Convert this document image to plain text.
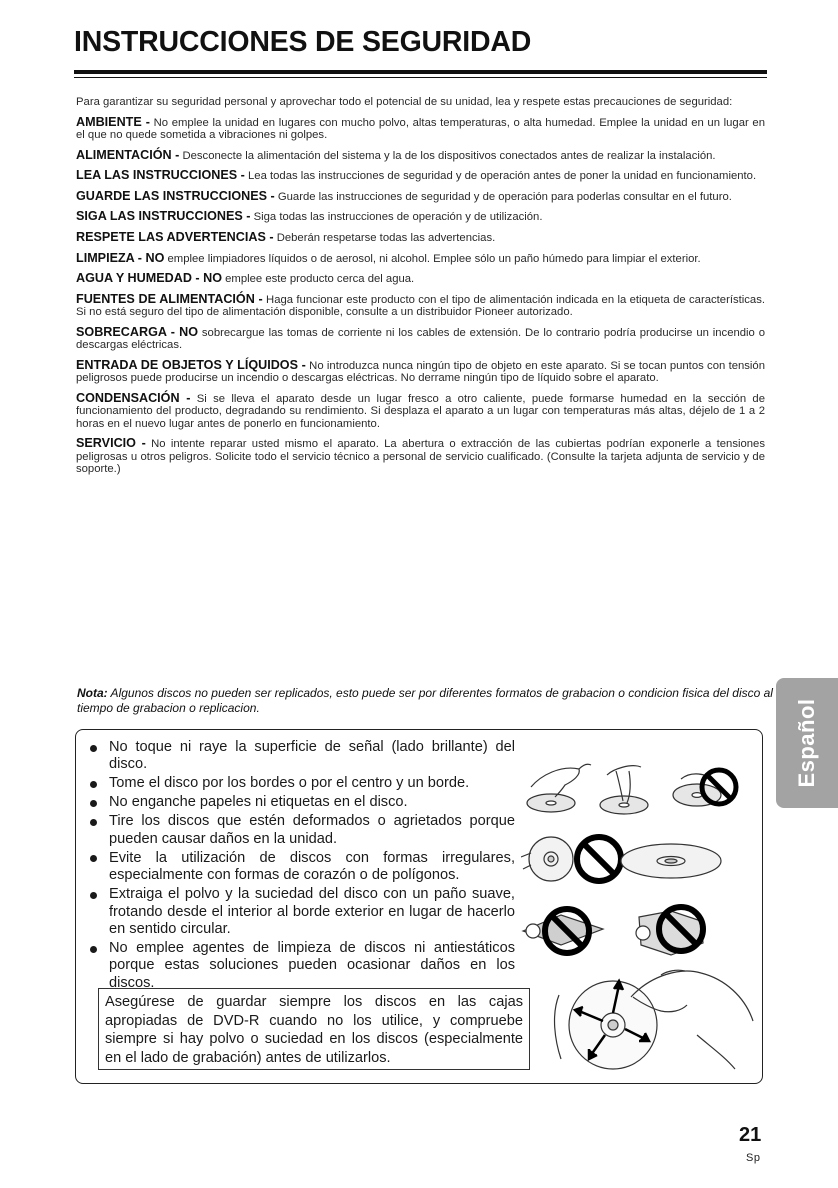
INSTRUCCIONES DE SEGURIDAD

Para garantizar su seguridad personal y aprovechar todo el potencial de su unidad, lea y respete estas precauciones de seguridad:

AMBIENTE - No emplee la unidad en lugares con mucho polvo, altas temperaturas, o alta humedad. Emplee la unidad en un lugar en el que no quede sometida a vibraciones ni golpes.

ALIMENTACIÓN - Desconecte la alimentación del sistema y la de los dispositivos conectados antes de realizar la instalación.

LEA LAS INSTRUCCIONES - Lea todas las instrucciones de seguridad y de operación antes de poner la unidad en funcionamiento.

GUARDE LAS INSTRUCCIONES - Guarde las instrucciones de seguridad y de operación para poderlas consultar en el futuro.

SIGA LAS INSTRUCCIONES - Siga todas las instrucciones de operación y de utilización.

RESPETE LAS ADVERTENCIAS - Deberán respetarse todas las advertencias.

LIMPIEZA - NO emplee limpiadores líquidos o de aerosol, ni alcohol. Emplee sólo un paño húmedo para limpiar el exterior.

AGUA Y HUMEDAD - NO emplee este producto cerca del agua.

FUENTES DE ALIMENTACIÓN - Haga funcionar este producto con el tipo de alimentación indicada en la etiqueta de características. Si no está seguro del tipo de alimentación disponible, consulte a un distribuidor Pioneer autorizado.

SOBRECARGA - NO sobrecargue las tomas de corriente ni los cables de extensión. De lo contrario podría producirse un incendio o descargas eléctricas.

ENTRADA DE OBJETOS Y LÍQUIDOS - No introduzca nunca ningún tipo de objeto en este aparato. Si se tocan puntos con tensión peligrosos puede producirse un incendio o descargas eléctricas. No derrame ningún tipo de líquido sobre el aparato.

CONDENSACIÓN - Si se lleva el aparato desde un lugar fresco a otro caliente, puede formarse humedad en la sección de funcionamiento del producto, degradando su rendimiento. Si desplaza el aparato a un lugar con temperaturas más altas, déjelo de 1 a 2 horas en el nuevo lugar antes de ponerlo en funcionamiento.

SERVICIO - No intente reparar usted mismo el aparato. La abertura o extracción de las cubiertas podrían exponerle a tensiones peligrosas u otros peligros. Solicite todo el servicio técnico a personal de servicio cualificado. (Consulte la tarjeta adjunta de servicio y de soporte.)

Nota: Algunos discos no pueden ser replicados, esto puede ser por diferentes formatos de grabacion o condicion fisica del disco al tiempo de grabacion o replicacion.	Español
No toque ni raye la superficie de señal (lado brillante) del disco.
Tome el disco por los bordes o por el centro y un borde.
No enganche papeles ni etiquetas en el disco.
Tire los discos que estén deformados o agrietados porque pueden causar daños en la unidad.
Evite la utilización de discos con formas irregulares, especialmente con formas de corazón o de polígonos.
Extraiga el polvo y la suciedad del disco con un paño suave, frotando desde el interior al borde exterior en lugar de hacerlo en sentido circular.
No emplee agentes de limpieza de discos ni antiestáticos porque estas soluciones pueden ocasionar daños en los discos.
Asegúrese de guardar siempre los discos en las cajas apropiadas de DVD-R cuando no los utilice, y compruebe siempre si hay polvo o suciedad en los discos (especialmente en el lado de grabación) antes de utilizarlos.

21

Sp
